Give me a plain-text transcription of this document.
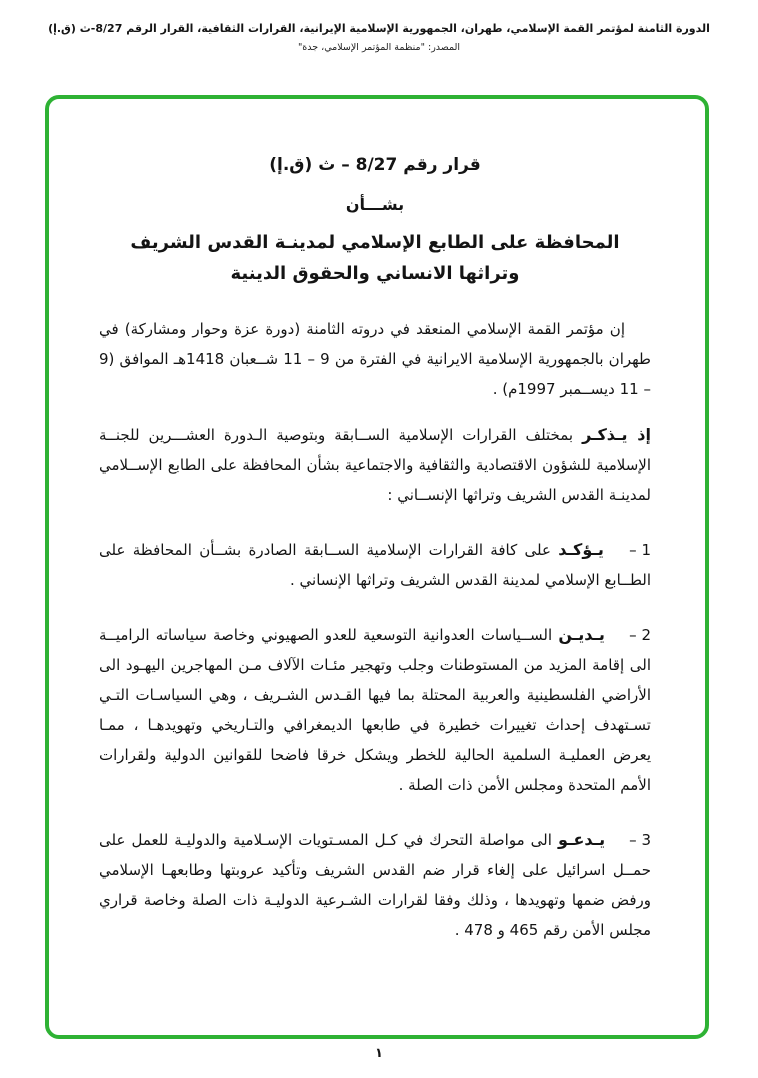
الدورة الثامنة لمؤتمر القمة الإسلامي، طهران، الجمهورية الإسلامية الإيرانية، القرارات الثقافية، القرار الرقم 8/27-ث (ق.إ)
المصدر: "منظمة المؤتمر الإسلامي، جدة"
قرار رقم 8/27 – ث (ق.إ)
بشـــأن
المحافظة على الطابع الإسلامي لمدينـة القدس الشريف
وتراثها الانساني والحقوق الدينية

إن مؤتمر القمة الإسلامي المنعقد في دروته الثامنة (دورة عزة وحوار ومشاركة) في طهران بالجمهورية الإسلامية الايرانية في الفترة من 9 – 11 شــعبان 1418هـ الموافق (9 – 11 ديســمبر 1997م) .

إذ يـذكـر بمختلف القرارات الإسلامية الســابقة وبتوصية الـدورة العشـــرين للجنــة الإسلامية للشؤون الاقتصادية والثقافية والاجتماعية بشأن المحافظة على الطابع الإســلامي لمدينـة القدس الشريف وتراثها الإنســاني :

1 – يـؤكـد على كافة القرارات الإسلامية الســابقة الصادرة بشــأن المحافظة على الطــابع الإسلامي لمدينة القدس الشريف وتراثها الإنساني .

2 – يـديـن الســياسات العدوانية التوسعية للعدو الصهيوني وخاصة سياساته الراميــة الى إقامة المزيد من المستوطنات وجلب وتهجير مئـات الآلاف مـن المهاجرين اليهـود الى الأراضي الفلسطينية والعربية المحتلة بما فيها القـدس الشـريف ، وهي السياسـات التـي تسـتهدف إحداث تغييرات خطيرة في طابعها الديمغرافي والتـاريخي وتهويدهـا ، ممـا يعرض العمليـة السلمية الحالية للخطر ويشكل خرقا فاضحا للقوانين الدولية ولقرارات الأمم المتحدة ومجلس الأمن ذات الصلة .

3 – يـدعـو الى مواصلة التحرك في كـل المسـتويات الإسـلامية والدوليـة للعمل على حمــل اسرائيل على إلغاء قرار ضم القدس الشريف وتأكيد عروبتها وطابعهـا الإسلامي ورفض ضمها وتهويدها ، وذلك وفقا لقرارات الشـرعية الدوليـة ذات الصلة وخاصة قراري مجلس الأمن رقم 465 و 478 .

١
